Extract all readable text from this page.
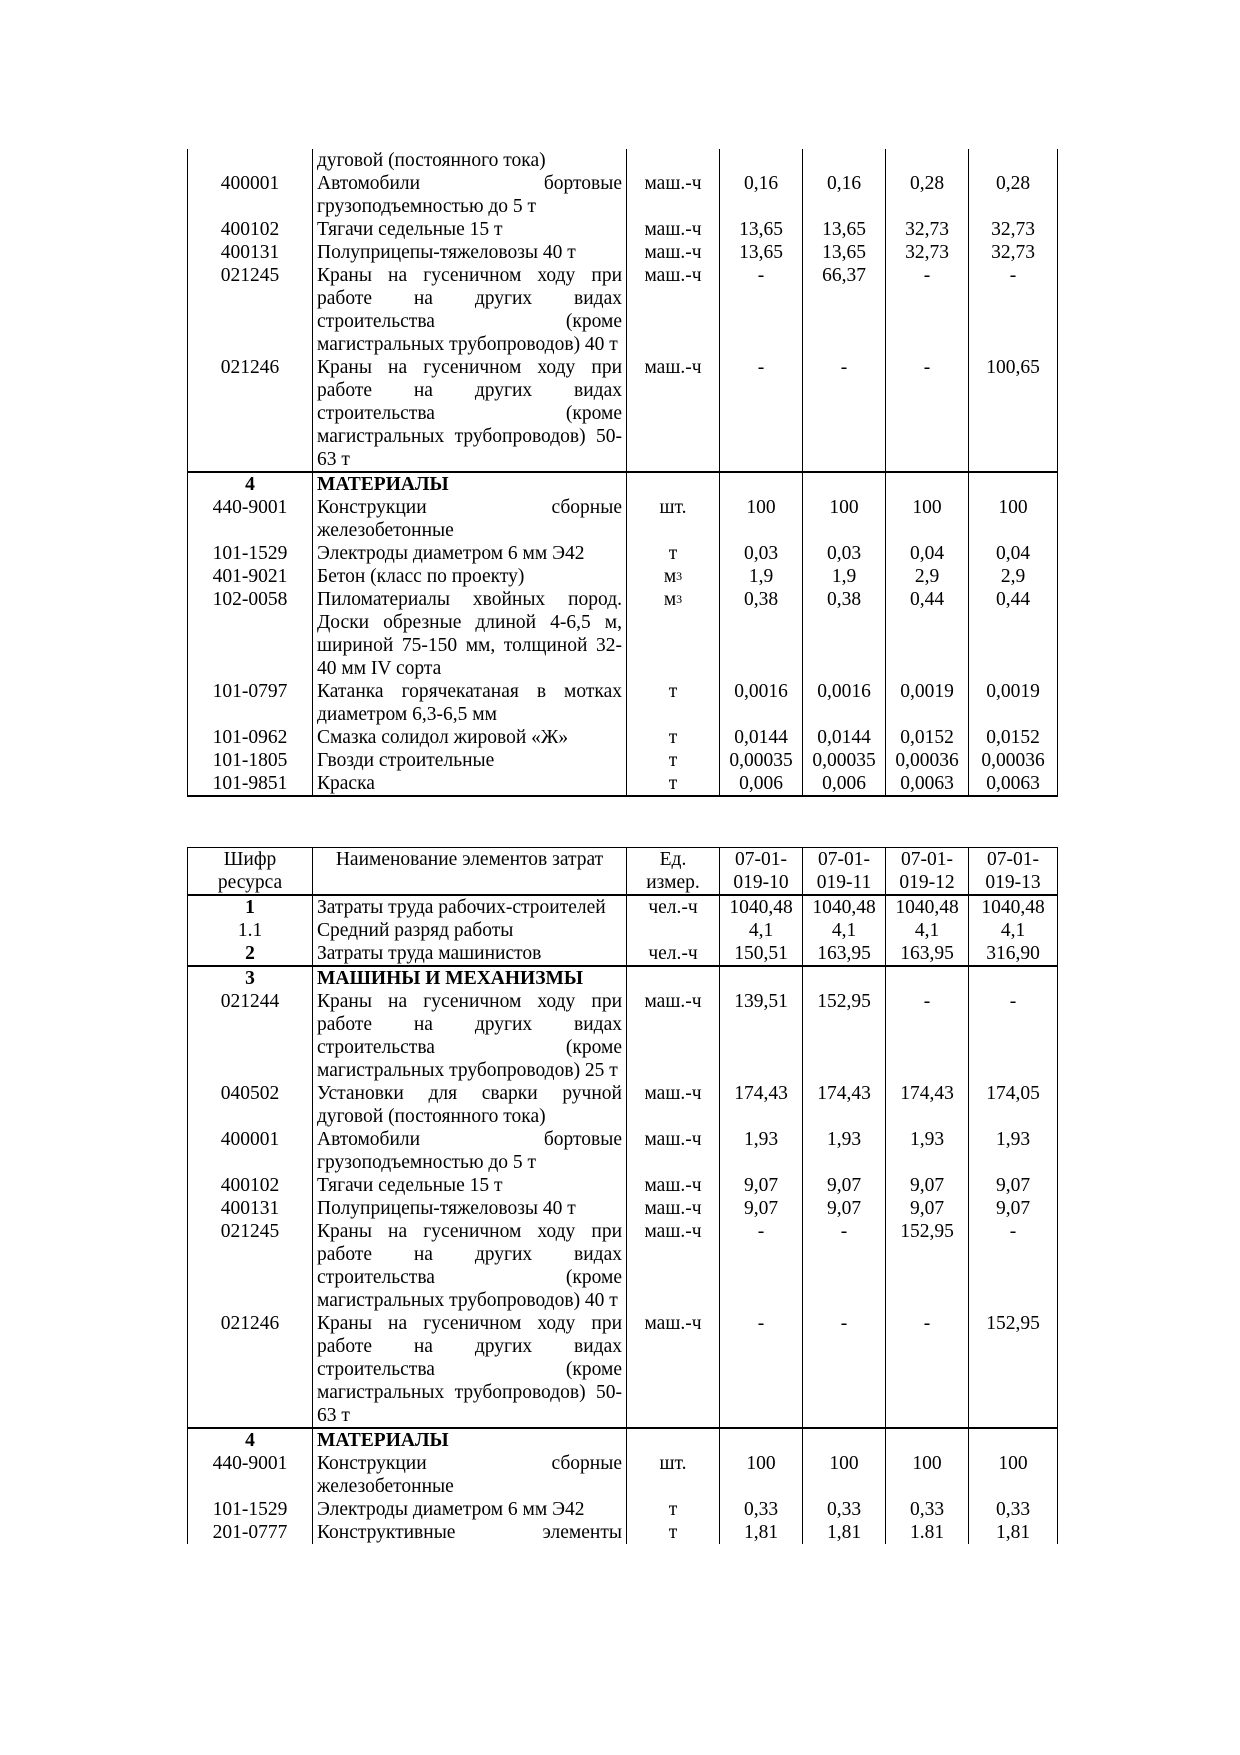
	дуговой (постоянного тока)					
400001	Автомобили бортовые грузоподъемностью до 5 т	маш.-ч	0,16	0,16	0,28	0,28
400102	Тягачи седельные 15 т	маш.-ч	13,65	13,65	32,73	32,73
400131	Полуприцепы-тяжеловозы 40 т	маш.-ч	13,65	13,65	32,73	32,73
021245	Краны на гусеничном ходу при работе на других видах строительства (кроме магистральных трубопроводов) 40 т	маш.-ч	-	66,37	-	-
021246	Краны на гусеничном ходу при работе на других видах строительства (кроме магистральных трубопроводов) 50-63 т	маш.-ч	-	-	-	100,65
4	МАТЕРИАЛЫ					
440-9001	Конструкции сборные железобетонные	шт.	100	100	100	100
101-1529	Электроды диаметром 6 мм Э42	т	0,03	0,03	0,04	0,04
401-9021	Бетон (класс по проекту)	$м^3$	1,9	1,9	2,9	2,9
102-0058	Пиломатериалы хвойных пород. Доски обрезные длиной 4-6,5 м, шириной 75-150 мм, толщиной 32-40 мм IV сорта	$м^3$	0,38	0,38	0,44	0,44
101-0797	Катанка горячекатаная в мотках диаметром 6,3-6,5 мм	т	0,0016	0,0016	0,0019	0,0019
101-0962	Смазка солидол жировой «Ж»	т	0,0144	0,0144	0,0152	0,0152
101-1805	Гвозди строительные	т	0,00035	0,00035	0,00036	0,00036
101-9851	Краска	т	0,006	0,006	0,0063	0,0063
Шифр ресурса	Наименование элементов затрат	Ед. измер.	07-01-019-10	07-01-019-11	07-01-019-12	07-01-019-13
1	Затраты труда рабочих-строителей	чел.-ч	1040,48	1040,48	1040,48	1040,48
1.1	Средний разряд работы		4,1	4,1	4,1	4,1
2	Затраты труда машинистов	чел.-ч	150,51	163,95	163,95	316,90
3	МАШИНЫ И МЕХАНИЗМЫ					
021244	Краны на гусеничном ходу при работе на других видах строительства (кроме магистральных трубопроводов) 25 т	маш.-ч	139,51	152,95	-	-
040502	Установки для сварки ручной дуговой (постоянного тока)	маш.-ч	174,43	174,43	174,43	174,05
400001	Автомобили бортовые грузоподъемностью до 5 т	маш.-ч	1,93	1,93	1,93	1,93
400102	Тягачи седельные 15 т	маш.-ч	9,07	9,07	9,07	9,07
400131	Полуприцепы-тяжеловозы 40 т	маш.-ч	9,07	9,07	9,07	9,07
021245	Краны на гусеничном ходу при работе на других видах строительства (кроме магистральных трубопроводов) 40 т	маш.-ч	-	-	152,95	-
021246	Краны на гусеничном ходу при работе на других видах строительства (кроме магистральных трубопроводов) 50-63 т	маш.-ч	-	-	-	152,95
4	МАТЕРИАЛЫ					
440-9001	Конструкции сборные железобетонные	шт.	100	100	100	100
101-1529	Электроды диаметром 6 мм Э42	т	0,33	0,33	0,33	0,33
201-0777	Конструктивные элементы	т	1,81	1,81	1.81	1,81
